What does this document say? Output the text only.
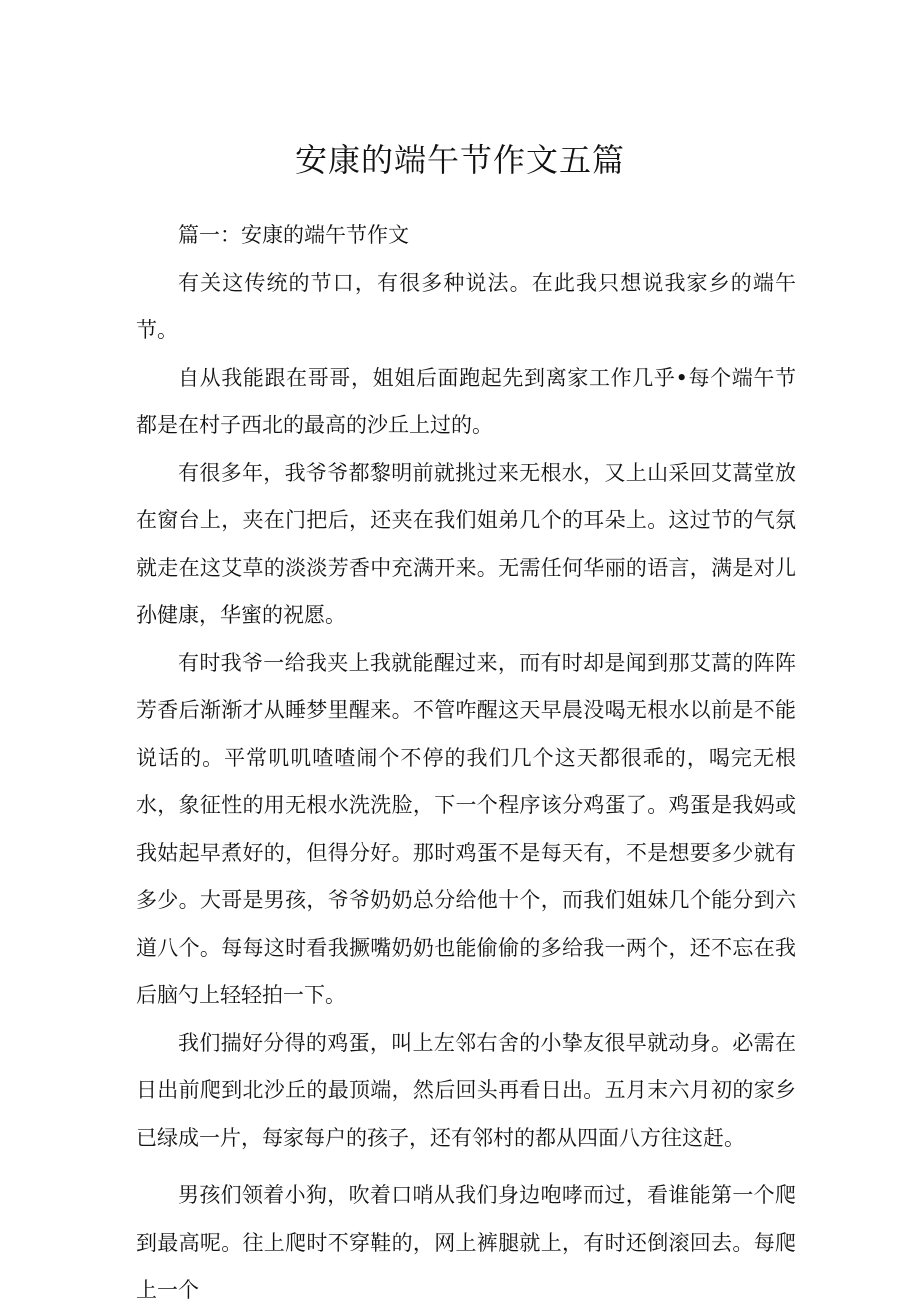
安康的端午节作文五篇

篇一：安康的端午节作文

有关这传统的节口，有很多种说法。在此我只想说我家乡的端午节。

自从我能跟在哥哥，姐姐后面跑起先到离家工作几乎•每个端午节都是在村子西北的最高的沙丘上过的。

有很多年，我爷爷都黎明前就挑过来无根水，又上山采回艾蒿堂放在窗台上，夹在门把后，还夹在我们姐弟几个的耳朵上。这过节的气氛就走在这艾草的淡淡芳香中充满开来。无需任何华丽的语言，满是对儿孙健康，华蜜的祝愿。

有时我爷一给我夹上我就能醒过来，而有时却是闻到那艾蒿的阵阵芳香后渐渐才从睡梦里醒来。不管咋醒这天早晨没喝无根水以前是不能说话的。平常叽叽喳喳闹个不停的我们几个这天都很乖的，喝完无根水，象征性的用无根水洗洗脸，下一个程序该分鸡蛋了。鸡蛋是我妈或我姑起早煮好的，但得分好。那时鸡蛋不是每天有，不是想要多少就有多少。大哥是男孩，爷爷奶奶总分给他十个，而我们姐妹几个能分到六道八个。每每这时看我撅嘴奶奶也能偷偷的多给我一两个，还不忘在我后脑勺上轻轻拍一下。

我们揣好分得的鸡蛋，叫上左邻右舍的小挚友很早就动身。必需在日出前爬到北沙丘的最顶端，然后回头再看日出。五月末六月初的家乡已绿成一片，每家每户的孩子，还有邻村的都从四面八方往这赶。

男孩们领着小狗，吹着口哨从我们身边咆哮而过，看谁能第一个爬到最高呢。往上爬时不穿鞋的，网上裤腿就上，有时还倒滚回去。每爬上一个
